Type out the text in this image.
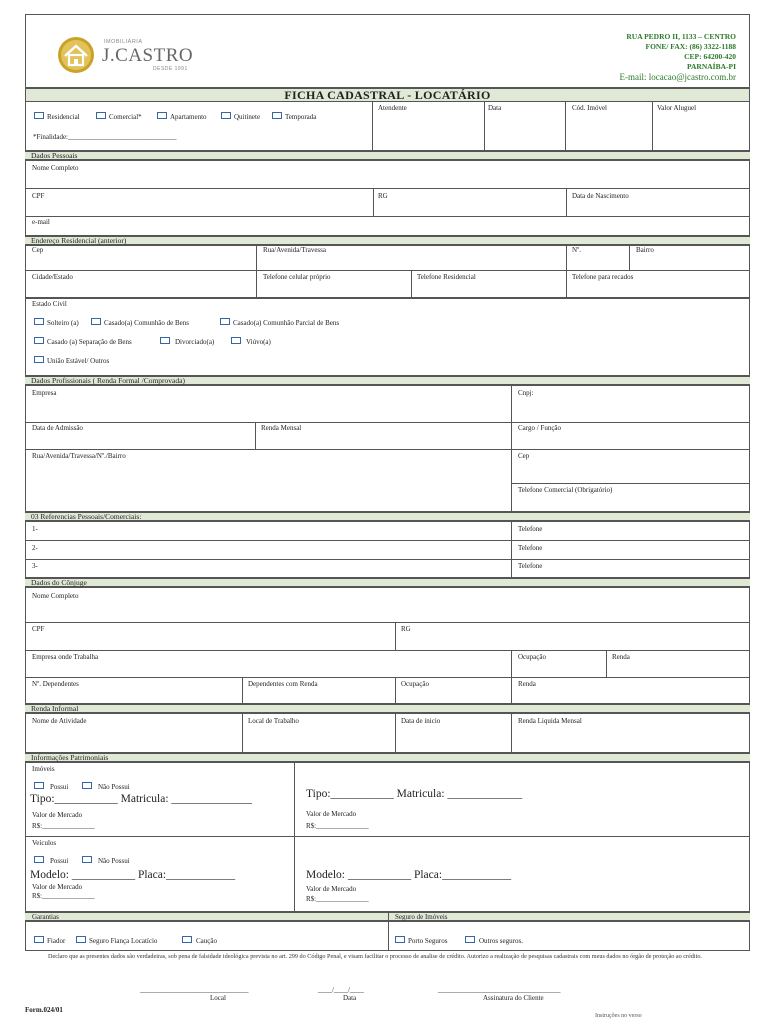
IMOBILIÁRIA
J.CASTRO
DESDE 1991
RUA PEDRO II, 1133 – CENTRO
FONE/ FAX: (86) 3322-1188
CEP: 64200-420
PARNAÍBA-PI
E-mail: locacao@jcastro.com.br
FICHA CADASTRAL - LOCATÁRIO
Residencial	Comercial*	Apartamento	Quitinete	Temporada
*Finalidade:_______________________________
Atendente	Data	Cód. Imóvel	Valor Aluguel
Dados Pessoais
Nome Completo
CPF	RG	Data de Nascimento
e-mail
Endereço Residencial (anterior)
Cep	Rua/Avenida/Travessa	Nº.	Bairro
Cidade/Estado	Telefone celular próprio	Telefone Residencial	Telefone para recados
Estado Civil
Solteiro (a)	Casado(a) Comunhão de Bens	Casado(a) Comunhão Parcial de Bens
Casado (a) Separação de Bens	Divorciado(a)	Viúvo(a)
União Estável/ Outros
Dados Profissionais ( Renda Formal /Comprovada)
Empresa	Cnpj:
Data de Admissão	Renda Mensal	Cargo / Função
Rua/Avenida/Travessa/Nº./Bairro	Cep
Telefone Comercial (Obrigatório)
03 Referencias Pessoais/Comerciais:
1-	Telefone
2-	Telefone
3-	Telefone
Dados do Cônjuge
Nome Completo
CPF	RG
Empresa onde Trabalha	Ocupação	Renda
Nº. Dependentes	Dependentes com Renda	Ocupação	Renda
Renda Informal
Nome de Atividade	Local de Trabalho	Data de inicio	Renda Liquida Mensal
Informações Patrimoniais
Imóveis
Possui	Não Possui
Tipo:___________ Matricula: ______________
Valor de Mercado
R$:_______________
Tipo:___________ Matricula: _____________
Valor de Mercado
R$:_______________
Veículos
Possui	Não Possui
Modelo: ___________ Placa:____________
Valor de Mercado
R$:_______________
Modelo: ___________ Placa:____________
Valor de Mercado
R$:_______________
Garantias	Seguro de Imóveis
Fiador	Seguro Fiança Locatício	Caução	Porto Seguros	Outros seguros.
Declaro que as presentes dados são verdadeiras, sob pena de falsidade ideológica prevista no art. 299 do Código Penal, e visam facilitar o processo de analise de crédito. Autorizo a realização de pesquisas cadastrais com meus dados no órgão de proteção ao crédito.
_______________________________	____/____/____	___________________________________
Local	Data	Assinatura do Cliente
Form.024/01
Instruções no verso
